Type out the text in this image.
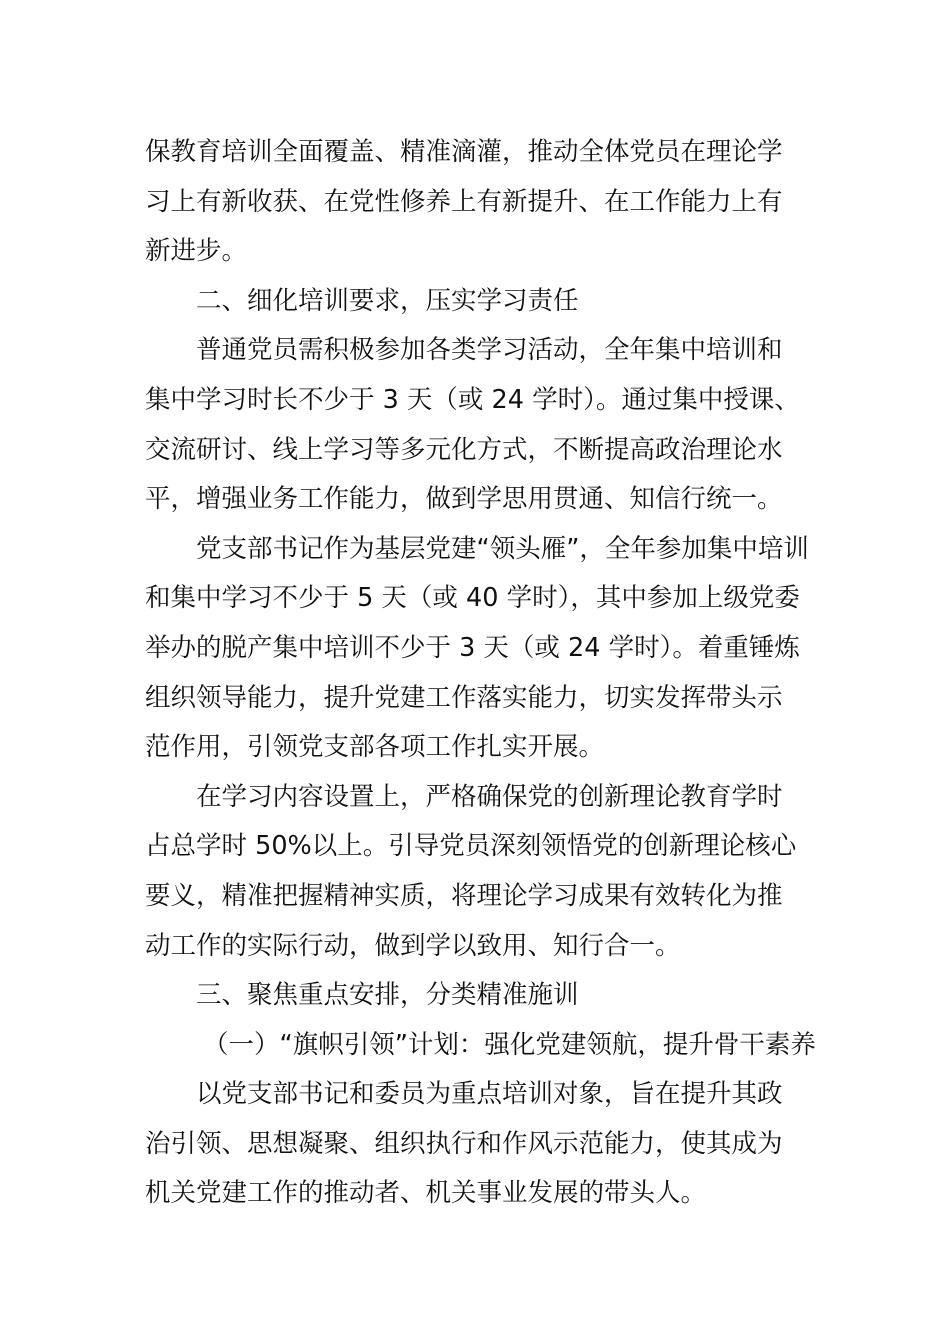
保教育培训全面覆盖、精准滴灌，推动全体党员在理论学
习上有新收获、在党性修养上有新提升、在工作能力上有
新进步。
二、细化培训要求，压实学习责任
普通党员需积极参加各类学习活动，全年集中培训和
集中学习时长不少于 3 天（或 24 学时）。通过集中授课、
交流研讨、线上学习等多元化方式，不断提高政治理论水
平，增强业务工作能力，做到学思用贯通、知信行统一。
党支部书记作为基层党建“领头雁”，全年参加集中培训
和集中学习不少于 5 天（或 40 学时），其中参加上级党委
举办的脱产集中培训不少于 3 天（或 24 学时）。着重锤炼
组织领导能力，提升党建工作落实能力，切实发挥带头示
范作用，引领党支部各项工作扎实开展。
在学习内容设置上，严格确保党的创新理论教育学时
占总学时 50%以上。引导党员深刻领悟党的创新理论核心
要义，精准把握精神实质，将理论学习成果有效转化为推
动工作的实际行动，做到学以致用、知行合一。
三、聚焦重点安排，分类精准施训
（一）“旗帜引领”计划：强化党建领航，提升骨干素养
以党支部书记和委员为重点培训对象，旨在提升其政
治引领、思想凝聚、组织执行和作风示范能力，使其成为
机关党建工作的推动者、机关事业发展的带头人。
